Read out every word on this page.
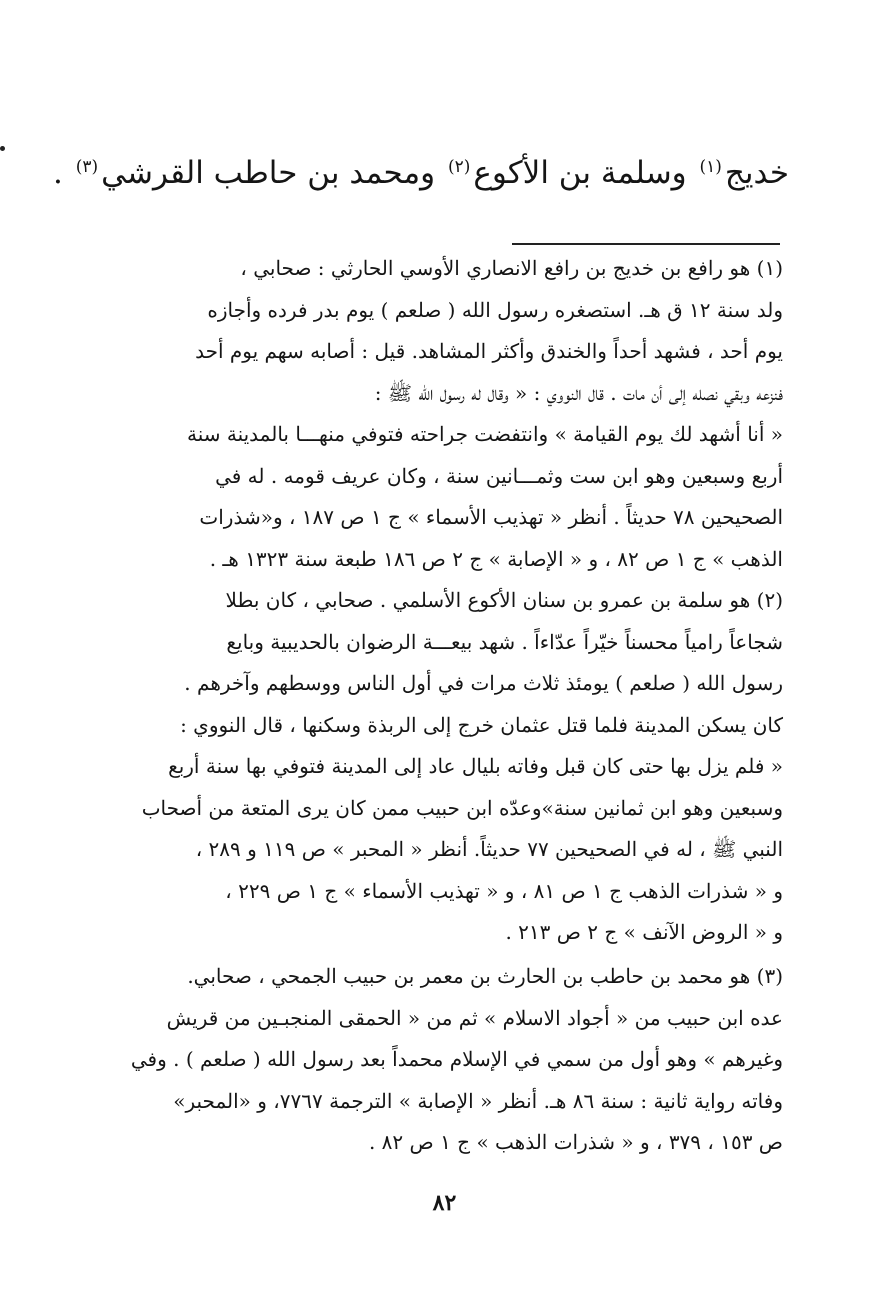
خديج$^{(١)}$ وسلمة بن الأكوع$^{(٢)}$ ومحمد بن حاطب القرشي$^{(٣)}$ .

(١) هو رافع بن خديج بن رافع الانصاري الأوسي الحارثي : صحابي ،

ولد سنة ١٢ ق هـ. استصغره رسول الله ( صلعم ) يوم بدر فرده وأجازه

يوم أحد ، فشهد أحداً والخندق وأكثر المشاهد. قيل : أصابه سهم يوم أحد

فنزعه وبقي نصله إلى أن مات . قال النووي : « وقال له رسول الله ﷺ :

« أنا أشهد لك يوم القيامة » وانتفضت جراحته فتوفي منهـــا بالمدينة سنة

أربع وسبعين وهو ابن ست وثمـــانين سنة ، وكان عريف قومه . له في

الصحيحين ٧٨ حديثاً . أنظر « تهذيب الأسماء » ج ١ ص ١٨٧ ، و«شذرات

الذهب » ج ١ ص ٨٢ ، و « الإصابة » ج ٢ ص ١٨٦ طبعة سنة ١٣٢٣ هـ .

(٢) هو سلمة بن عمرو بن سنان الأكوع الأسلمي . صحابي ، كان بطلا

شجاعاً رامياً محسناً خيّراً عدّاءاً . شهد بيعـــة الرضوان بالحديبية وبايع

رسول الله ( صلعم ) يومئذ ثلاث مرات في أول الناس ووسطهم وآخرهم .

كان يسكن المدينة فلما قتل عثمان خرج إلى الربذة وسكنها ، قال النووي :

« فلم يزل بها حتى كان قبل وفاته بليال عاد إلى المدينة فتوفي بها سنة أربع

وسبعين وهو ابن ثمانين سنة»وعدّه ابن حبيب ممن كان يرى المتعة من أصحاب

النبي ﷺ ، له في الصحيحين ٧٧ حديثاً. أنظر « المحبر » ص ١١٩ و ٢٨٩ ،

و « شذرات الذهب ج ١ ص ٨١ ، و « تهذيب الأسماء » ج ١ ص ٢٢٩ ،

و « الروض الآنف » ج ٢ ص ٢١٣ .

(٣) هو محمد بن حاطب بن الحارث بن معمر بن حبيب الجمحي ، صحابي.

عده ابن حبيب من « أجواد الاسلام » ثم من « الحمقى المنجبـين من قريش

وغيرهم » وهو أول من سمي في الإسلام محمداً بعد رسول الله ( صلعم ) . وفي

وفاته رواية ثانية : سنة ٨٦ هـ. أنظر « الإصابة » الترجمة ٧٧٦٧، و «المحبر»

ص ١٥٣ ، ٣٧٩ ، و « شذرات الذهب » ج ١ ص ٨٢ .

٨٢
